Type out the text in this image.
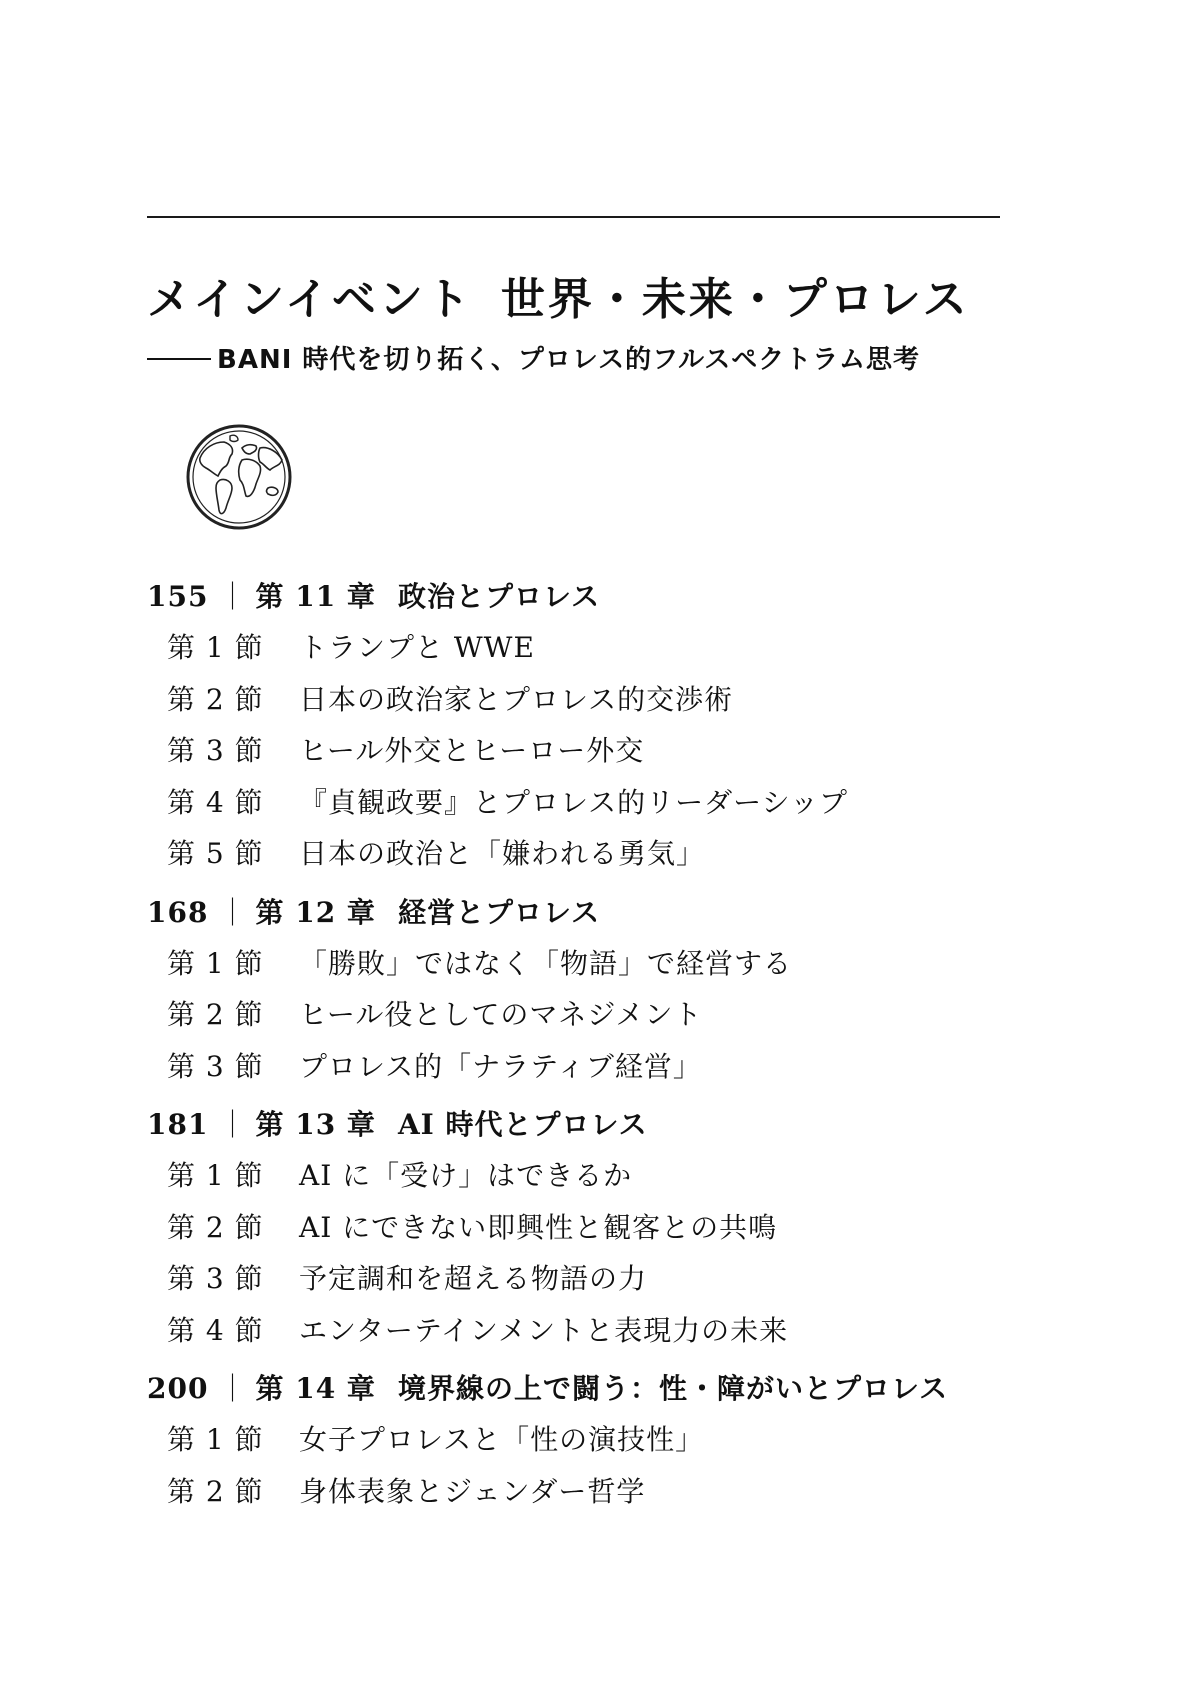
メインイベント 世界・未来・プロレス
BANI 時代を切り拓く、プロレス的フルスペクトラム思考
155 ｜ 第 11 章 政治とプロレス
第 1 節 トランプと WWE
第 2 節 日本の政治家とプロレス的交渉術
第 3 節 ヒール外交とヒーロー外交
第 4 節 『貞観政要』とプロレス的リーダーシップ
第 5 節 日本の政治と「嫌われる勇気」
168 ｜ 第 12 章 経営とプロレス
第 1 節 「勝敗」ではなく「物語」で経営する
第 2 節 ヒール役としてのマネジメント
第 3 節 プロレス的「ナラティブ経営」
181 ｜ 第 13 章 AI 時代とプロレス
第 1 節 AI に「受け」はできるか
第 2 節 AI にできない即興性と観客との共鳴
第 3 節 予定調和を超える物語の力
第 4 節 エンターテインメントと表現力の未来
200 ｜ 第 14 章 境界線の上で闘う：性・障がいとプロレス
第 1 節 女子プロレスと「性の演技性」
第 2 節 身体表象とジェンダー哲学
